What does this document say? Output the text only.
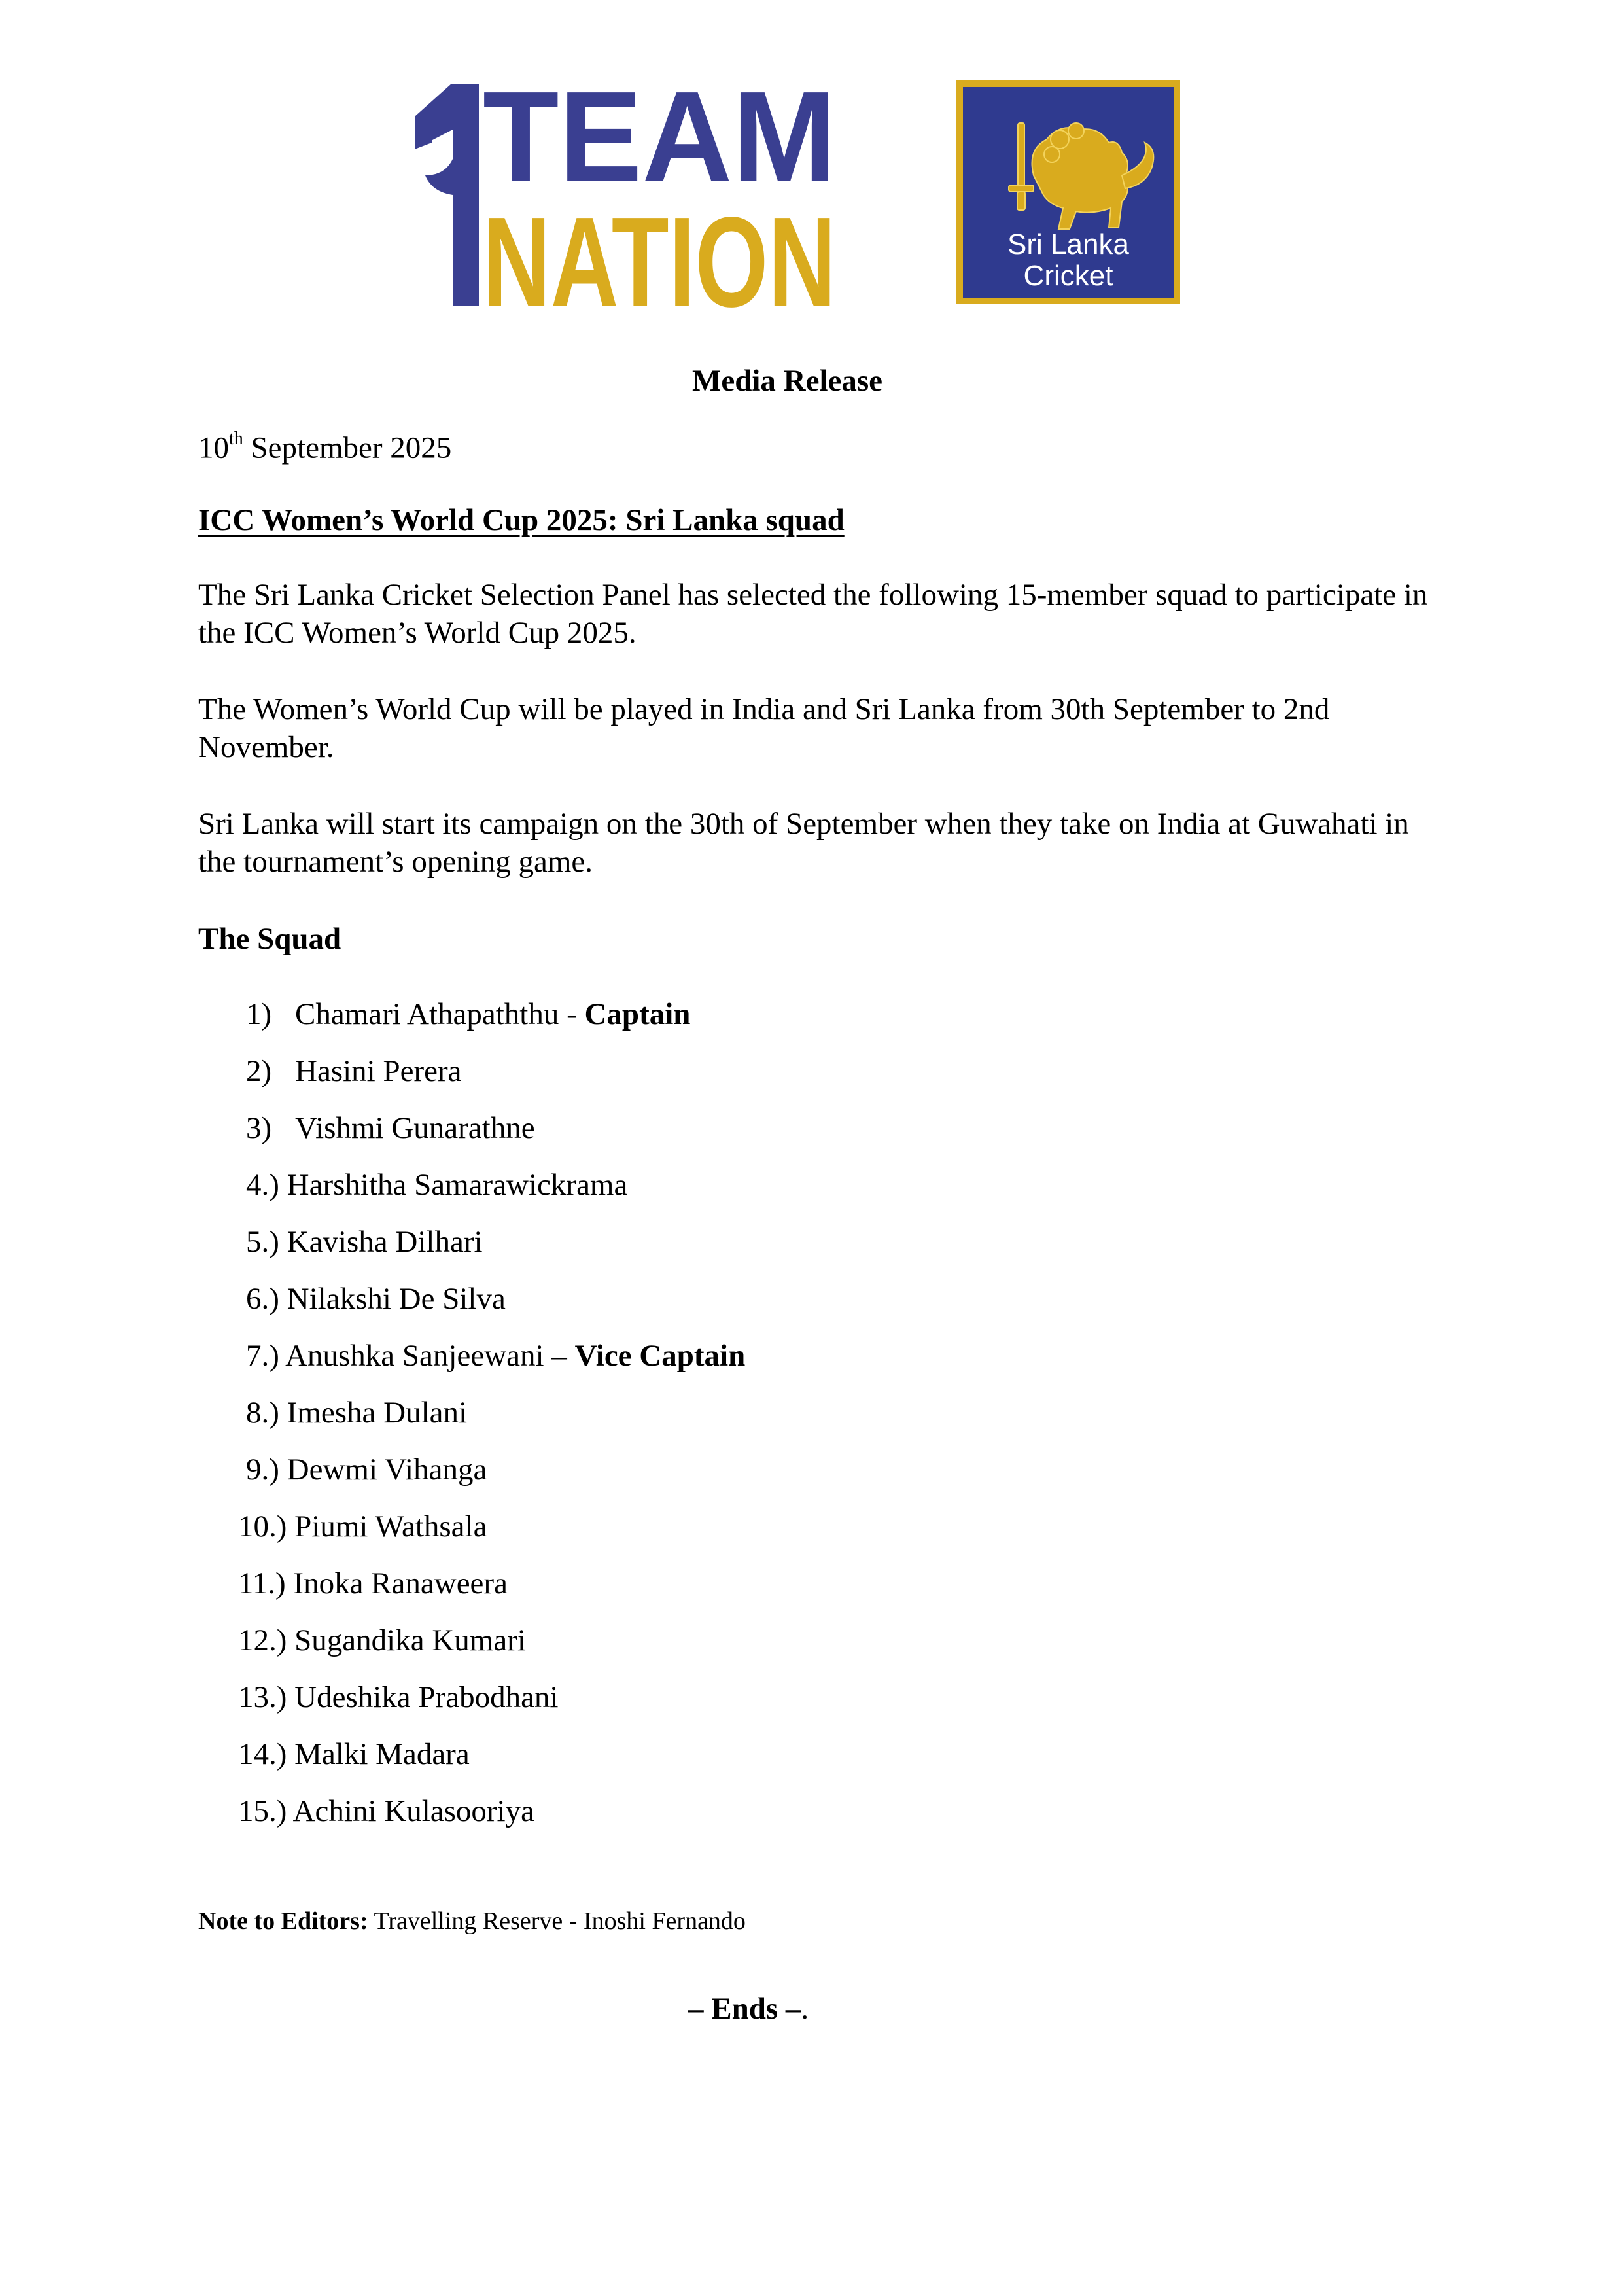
TEAM
NATION	Sri Lanka
Cricket
Media Release
10th September 2025
ICC Women’s World Cup 2025: Sri Lanka squad
The Sri Lanka Cricket Selection Panel has selected the following 15-member squad to participate in the ICC Women’s World Cup 2025.
The Women’s World Cup will be played in India and Sri Lanka from 30th September to 2nd November.
Sri Lanka will start its campaign on the 30th of September when they take on India at Guwahati in the tournament’s opening game.
The Squad
1) Chamari Athapaththu - Captain
2) Hasini Perera
3) Vishmi Gunarathne
4.) Harshitha Samarawickrama
5.) Kavisha Dilhari
6.) Nilakshi De Silva
7.) Anushka Sanjeewani – Vice Captain
8.) Imesha Dulani
9.) Dewmi Vihanga
10.) Piumi Wathsala
11.) Inoka Ranaweera
12.) Sugandika Kumari
13.) Udeshika Prabodhani
14.) Malki Madara
15.) Achini Kulasooriya
Note to Editors: Travelling Reserve - Inoshi Fernando
– Ends –.
